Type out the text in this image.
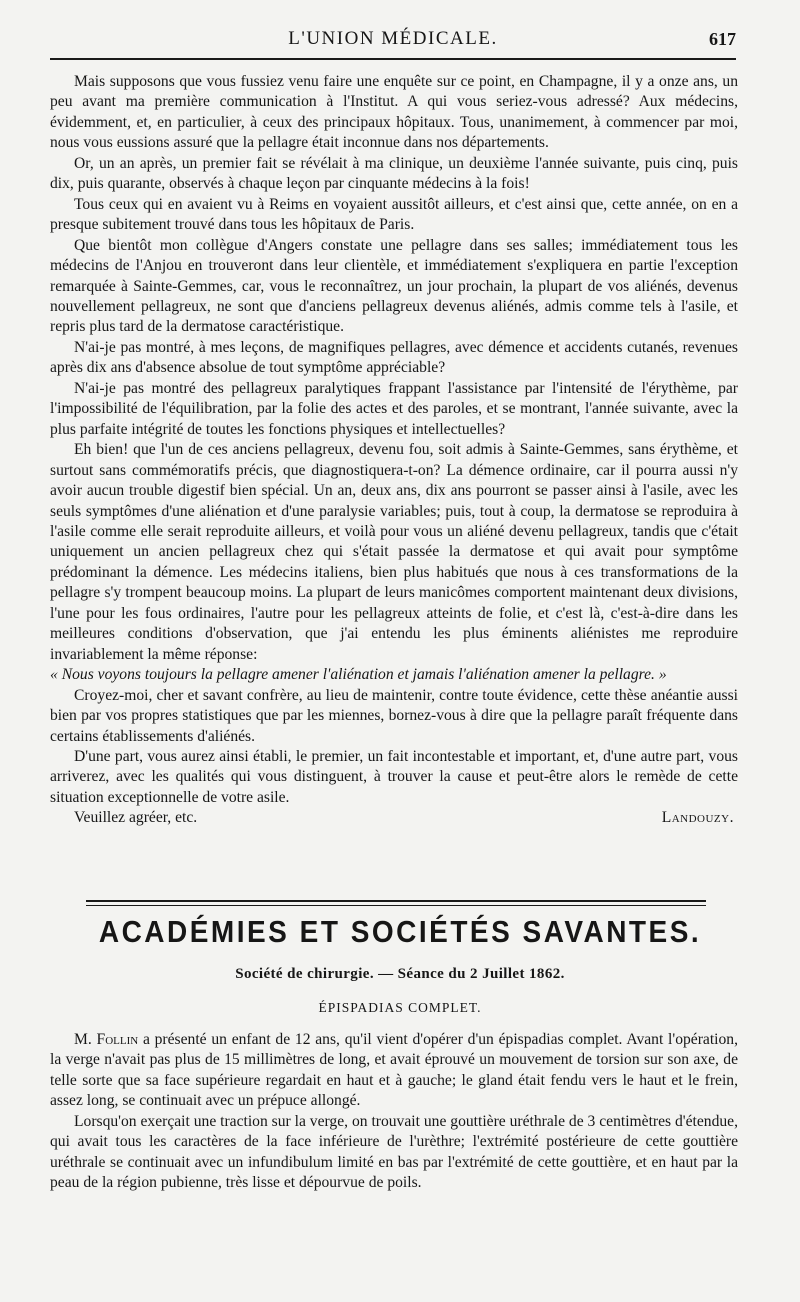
L'UNION MÉDICALE.	617

Mais supposons que vous fussiez venu faire une enquête sur ce point, en Champagne, il y a onze ans, un peu avant ma première communication à l'Institut. A qui vous seriez-vous adressé? Aux médecins, évidemment, et, en particulier, à ceux des principaux hôpitaux. Tous, unanimement, à commencer par moi, nous vous eussions assuré que la pellagre était inconnue dans nos départements.

Or, un an après, un premier fait se révélait à ma clinique, un deuxième l'année suivante, puis cinq, puis dix, puis quarante, observés à chaque leçon par cinquante médecins à la fois!

Tous ceux qui en avaient vu à Reims en voyaient aussitôt ailleurs, et c'est ainsi que, cette année, on en a presque subitement trouvé dans tous les hôpitaux de Paris.

Que bientôt mon collègue d'Angers constate une pellagre dans ses salles; immédiatement tous les médecins de l'Anjou en trouveront dans leur clientèle, et immédiatement s'expliquera en partie l'exception remarquée à Sainte-Gemmes, car, vous le reconnaîtrez, un jour prochain, la plupart de vos aliénés, devenus nouvellement pellagreux, ne sont que d'anciens pellagreux devenus aliénés, admis comme tels à l'asile, et repris plus tard de la dermatose caractéristique.

N'ai-je pas montré, à mes leçons, de magnifiques pellagres, avec démence et accidents cutanés, revenues après dix ans d'absence absolue de tout symptôme appréciable?

N'ai-je pas montré des pellagreux paralytiques frappant l'assistance par l'intensité de l'érythème, par l'impossibilité de l'équilibration, par la folie des actes et des paroles, et se montrant, l'année suivante, avec la plus parfaite intégrité de toutes les fonctions physiques et intellectuelles?

Eh bien! que l'un de ces anciens pellagreux, devenu fou, soit admis à Sainte-Gemmes, sans érythème, et surtout sans commémoratifs précis, que diagnostiquera-t-on? La démence ordinaire, car il pourra aussi n'y avoir aucun trouble digestif bien spécial. Un an, deux ans, dix ans pourront se passer ainsi à l'asile, avec les seuls symptômes d'une aliénation et d'une paralysie variables; puis, tout à coup, la dermatose se reproduira à l'asile comme elle serait reproduite ailleurs, et voilà pour vous un aliéné devenu pellagreux, tandis que c'était uniquement un ancien pellagreux chez qui s'était passée la dermatose et qui avait pour symptôme prédominant la démence. Les médecins italiens, bien plus habitués que nous à ces transformations de la pellagre s'y trompent beaucoup moins. La plupart de leurs manicômes comportent maintenant deux divisions, l'une pour les fous ordinaires, l'autre pour les pellagreux atteints de folie, et c'est là, c'est-à-dire dans les meilleures conditions d'observation, que j'ai entendu les plus éminents aliénistes me reproduire invariablement la même réponse:

« Nous voyons toujours la pellagre amener l'aliénation et jamais l'aliénation amener la pellagre. »

Croyez-moi, cher et savant confrère, au lieu de maintenir, contre toute évidence, cette thèse anéantie aussi bien par vos propres statistiques que par les miennes, bornez-vous à dire que la pellagre paraît fréquente dans certains établissements d'aliénés.

D'une part, vous aurez ainsi établi, le premier, un fait incontestable et important, et, d'une autre part, vous arriverez, avec les qualités qui vous distinguent, à trouver la cause et peut-être alors le remède de cette situation exceptionnelle de votre asile.

Veuillez agréer, etc.	Landouzy.
ACADÉMIES ET SOCIÉTÉS SAVANTES.
Société de chirurgie. — Séance du 2 Juillet 1862.
ÉPISPADIAS COMPLET.

M. Follin a présenté un enfant de 12 ans, qu'il vient d'opérer d'un épispadias complet. Avant l'opération, la verge n'avait pas plus de 15 millimètres de long, et avait éprouvé un mouvement de torsion sur son axe, de telle sorte que sa face supérieure regardait en haut et à gauche; le gland était fendu vers le haut et le frein, assez long, se continuait avec un prépuce allongé.

Lorsqu'on exerçait une traction sur la verge, on trouvait une gouttière uréthrale de 3 centimètres d'étendue, qui avait tous les caractères de la face inférieure de l'urèthre; l'extrémité postérieure de cette gouttière uréthrale se continuait avec un infundibulum limité en bas par l'extrémité de cette gouttière, et en haut par la peau de la région pubienne, très lisse et dépourvue de poils.
